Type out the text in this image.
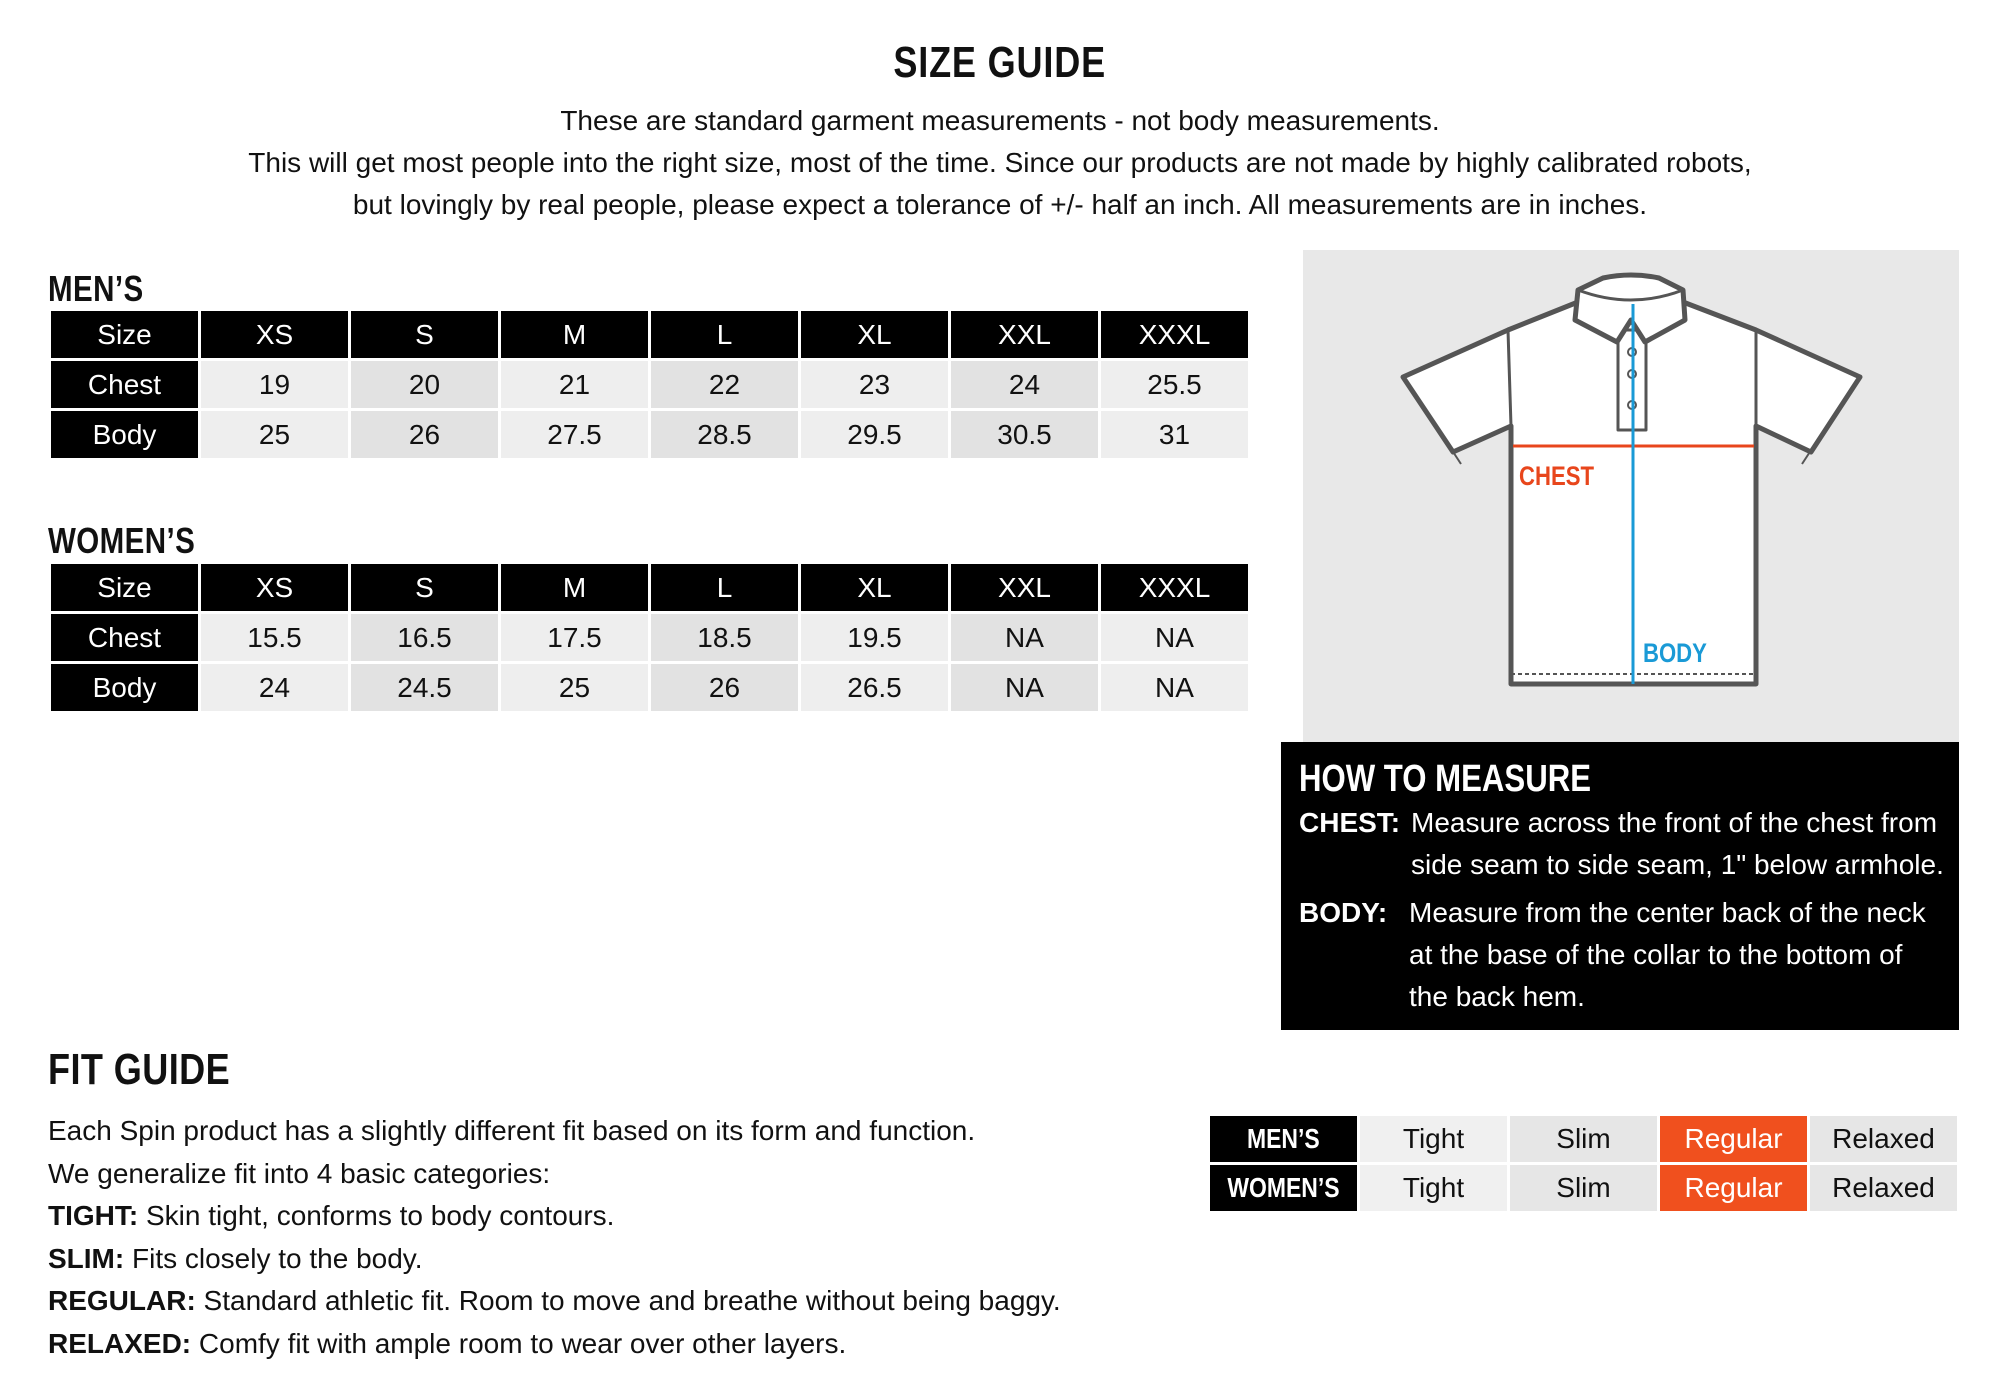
SIZE GUIDE
These are standard garment measurements - not body measurements.
This will get most people into the right size, most of the time. Since our products are not made by highly calibrated robots,
but lovingly by real people, please expect a tolerance of +/- half an inch. All measurements are in inches.
MEN’S
Size	XS	S	M	L	XL	XXL	XXXL
Chest	19	20	21	22	23	24	25.5
Body	25	26	27.5	28.5	29.5	30.5	31
WOMEN’S
Size	XS	S	M	L	XL	XXL	XXXL
Chest	15.5	16.5	17.5	18.5	19.5	NA	NA
Body	24	24.5	25	26	26.5	NA	NA
CHEST
BODY
HOW TO MEASURE
CHEST: Measure across the front of the chest from side seam to side seam, 1" below armhole.
BODY: Measure from the center back of the neck at the base of the collar to the bottom of the back hem.
FIT GUIDE
Each Spin product has a slightly different fit based on its form and function.
We generalize fit into 4 basic categories:
TIGHT: Skin tight, conforms to body contours.
SLIM: Fits closely to the body.
REGULAR: Standard athletic fit. Room to move and breathe without being baggy.
RELAXED: Comfy fit with ample room to wear over other layers.
MEN’S	Tight	Slim	Regular	Relaxed
WOMEN’S	Tight	Slim	Regular	Relaxed
